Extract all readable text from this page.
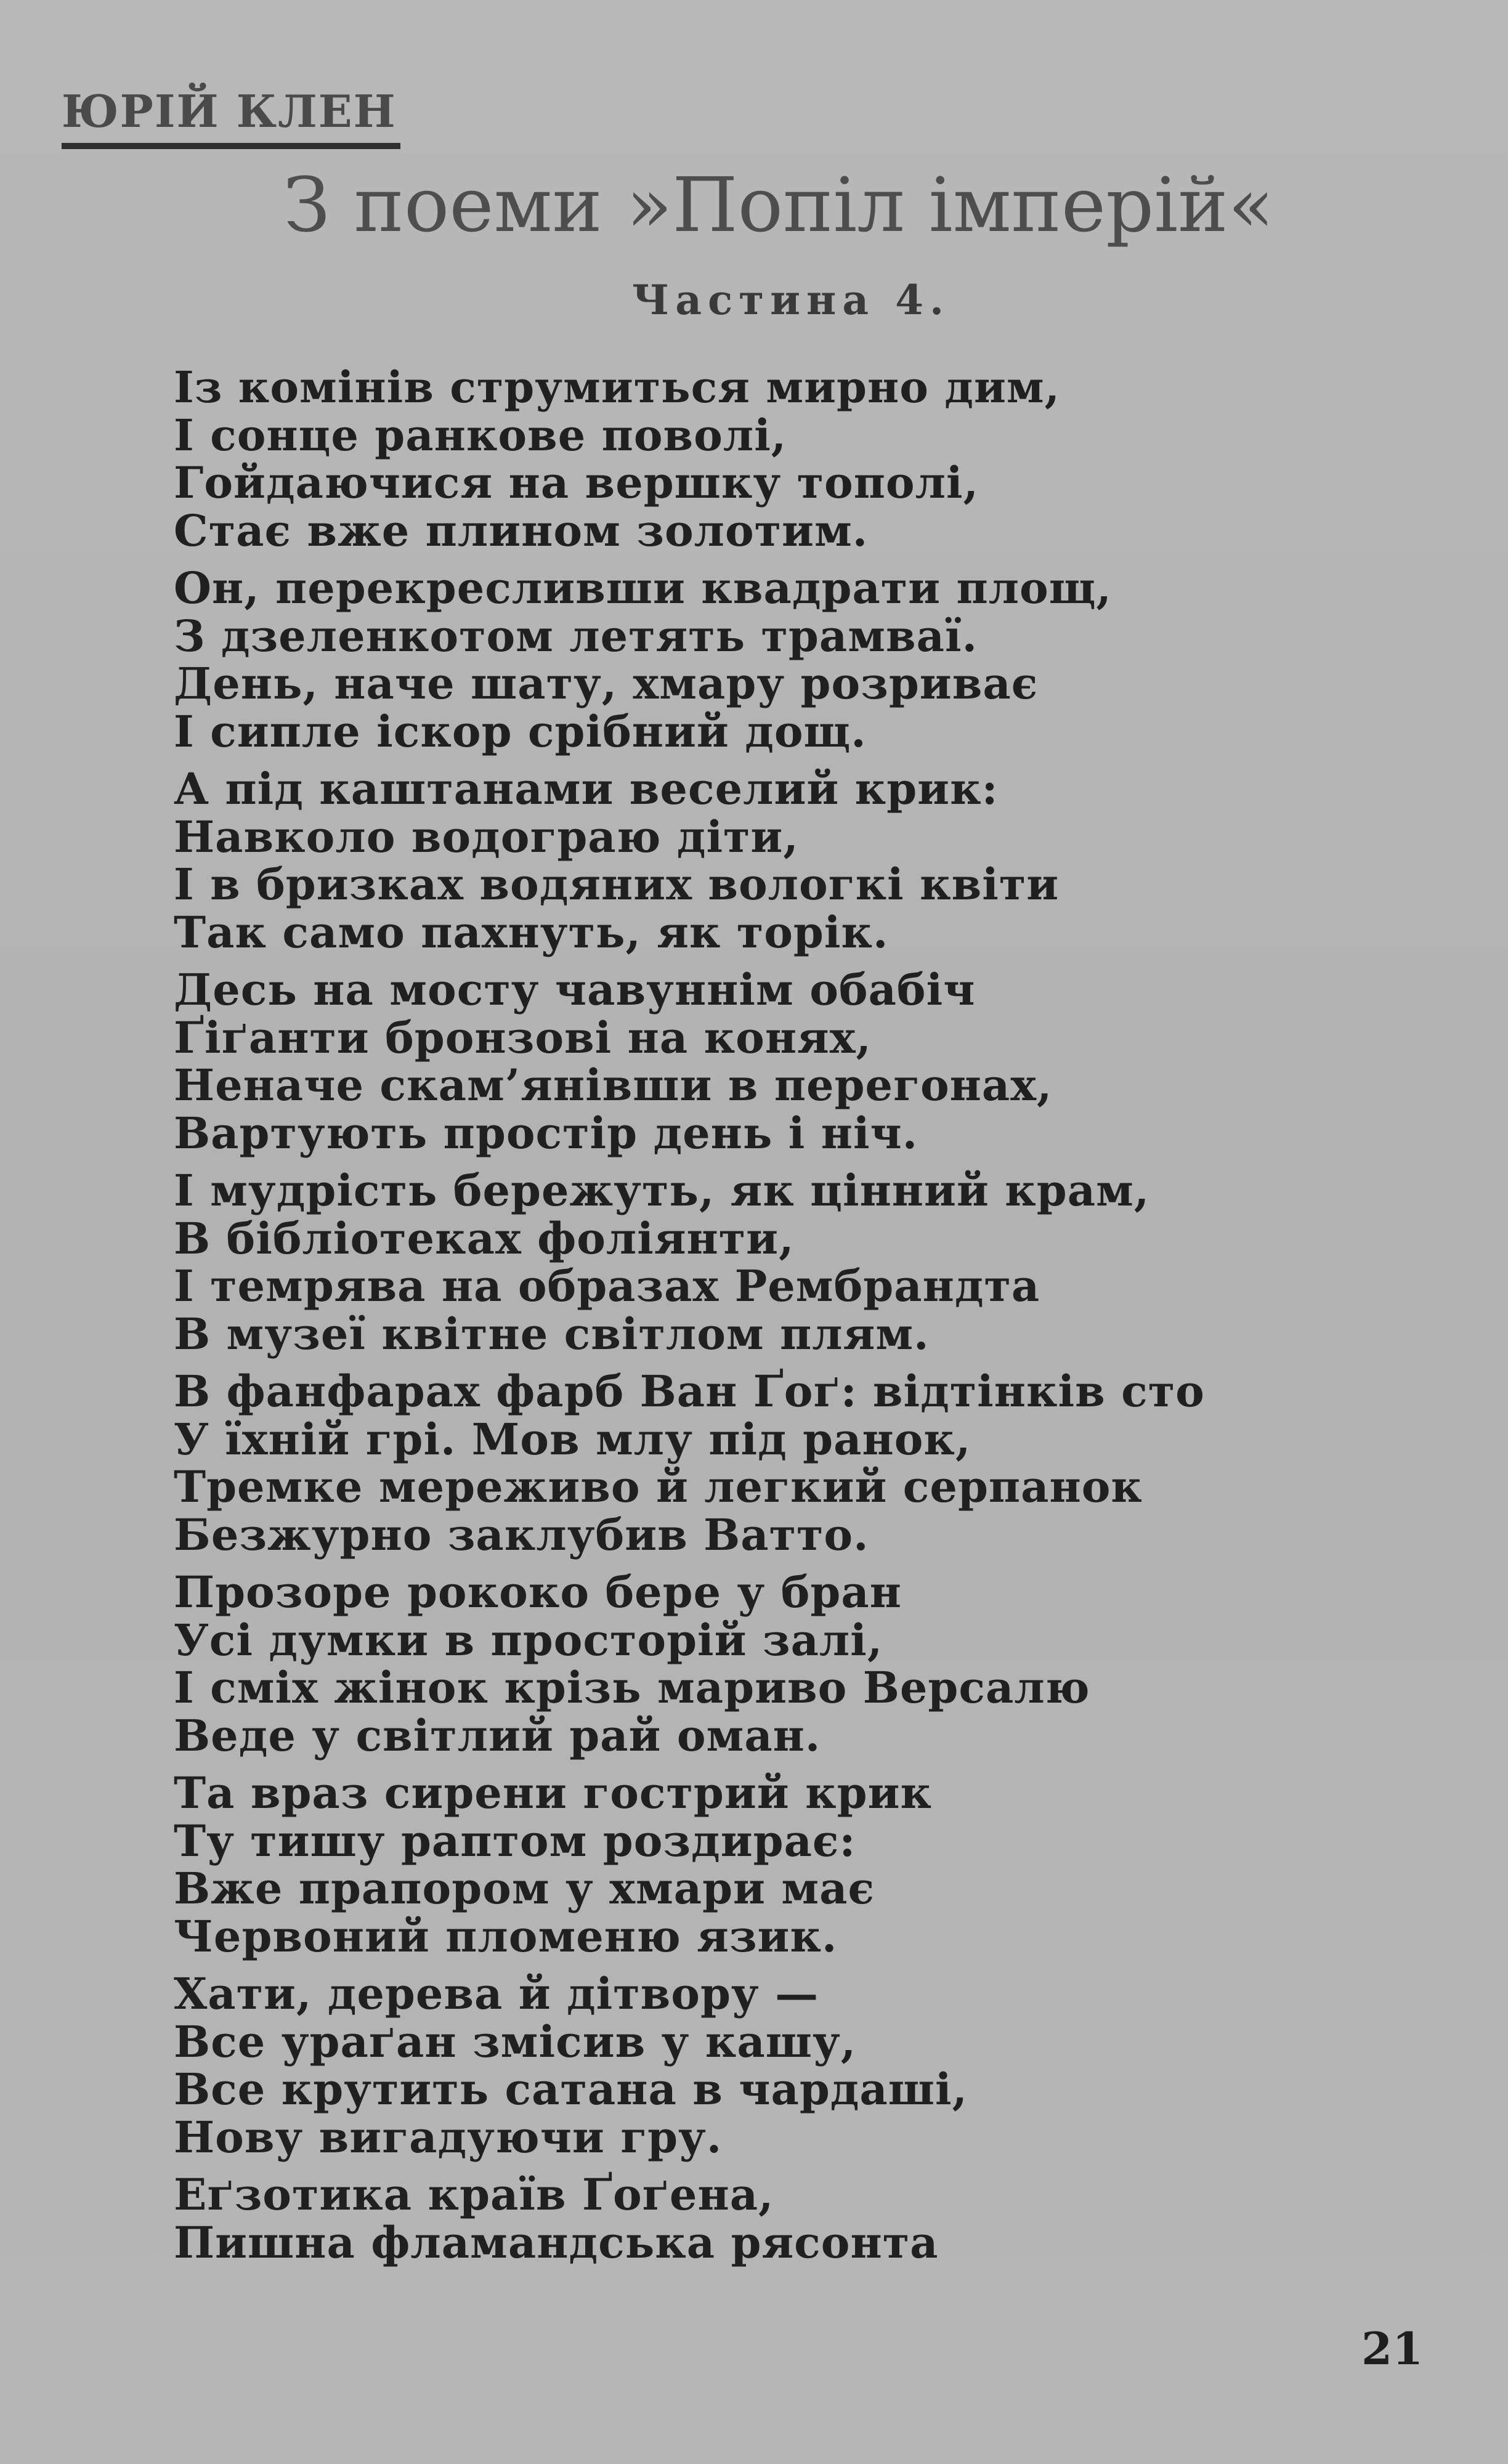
ЮРІЙ КЛЕН
З поеми »Попіл імперій«
Частина 4.
Із комінів струмиться мирно дим,
І сонце ранкове поволі,
Гойдаючися на вершку тополі,
Стає вже плином золотим.
Он, перекресливши квадрати площ,
З дзеленкотом летять трамваї.
День, наче шату, хмару розриває
І сипле іскор срібний дощ.
А під каштанами веселий крик:
Навколо водограю діти,
І в бризках водяних вологкі квіти
Так само пахнуть, як торік.
Десь на мосту чавуннім обабіч
Ґіґанти бронзові на конях,
Неначе скам’янівши в перегонах,
Вартують простір день і ніч.
І мудрість бережуть, як цінний крам,
В бібліотеках фоліянти,
І темрява на образах Рембрандта
В музеї квітне світлом плям.
В фанфарах фарб Ван Ґоґ: відтінків сто
У їхній грі. Мов млу під ранок,
Тремке мереживо й легкий серпанок
Безжурно заклубив Ватто.
Прозоре рококо бере у бран
Усі думки в просторій залі,
І сміх жінок крізь мариво Версалю
Веде у світлий рай оман.
Та враз сирени гострий крик
Ту тишу раптом роздирає:
Вже прапором у хмари має
Червоний пломеню язик.
Хати, дерева й дітвору —
Все ураґан змісив у кашу,
Все крутить сатана в чардаші,
Нову вигадуючи гру.
Еґзотика країв Ґоґена,
Пишна фламандська рясонта
21
